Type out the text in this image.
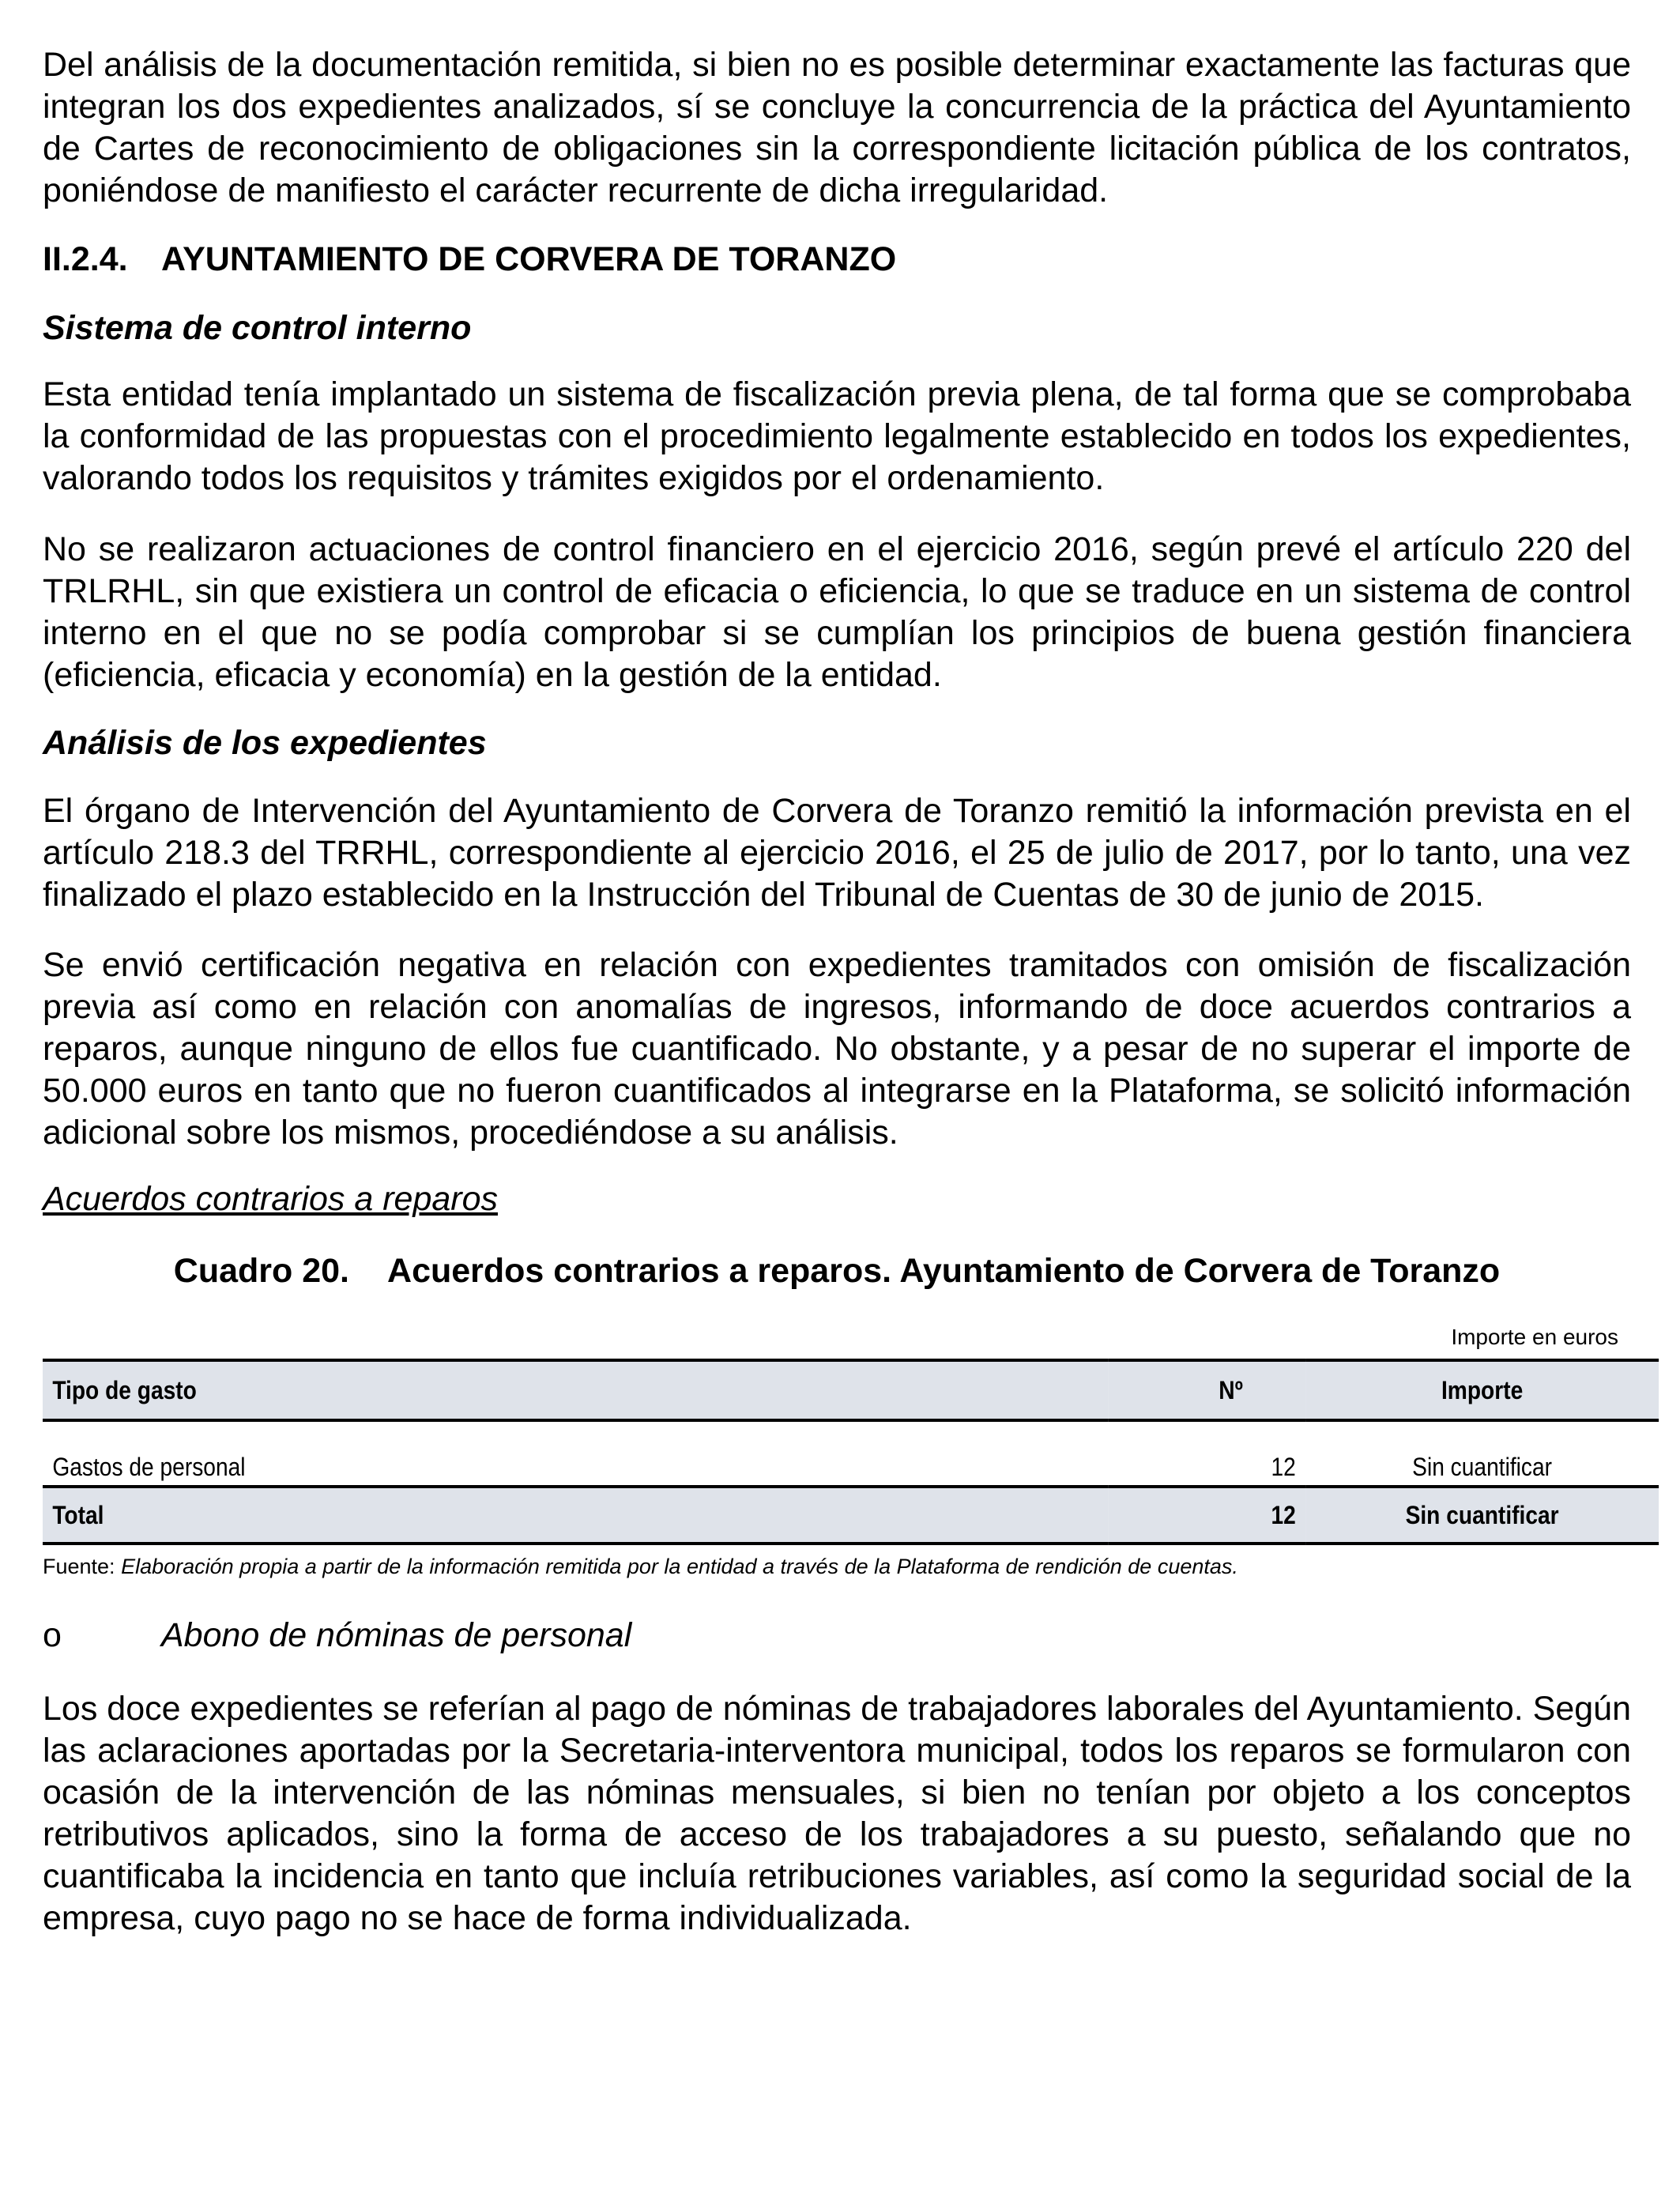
Del análisis de la documentación remitida, si bien no es posible determinar exactamente las facturas que integran los dos expedientes analizados, sí se concluye la concurrencia de la práctica del Ayuntamiento de Cartes de reconocimiento de obligaciones sin la correspondiente licitación pública de los contratos, poniéndose de manifiesto el carácter recurrente de dicha irregularidad.

II.2.4. AYUNTAMIENTO DE CORVERA DE TORANZO

Sistema de control interno

Esta entidad tenía implantado un sistema de fiscalización previa plena, de tal forma que se comprobaba la conformidad de las propuestas con el procedimiento legalmente establecido en todos los expedientes, valorando todos los requisitos y trámites exigidos por el ordenamiento.

No se realizaron actuaciones de control financiero en el ejercicio 2016, según prevé el artículo 220 del TRLRHL, sin que existiera un control de eficacia o eficiencia, lo que se traduce en un sistema de control interno en el que no se podía comprobar si se cumplían los principios de buena gestión financiera (eficiencia, eficacia y economía) en la gestión de la entidad.

Análisis de los expedientes

El órgano de Intervención del Ayuntamiento de Corvera de Toranzo remitió la información prevista en el artículo 218.3 del TRRHL, correspondiente al ejercicio 2016, el 25 de julio de 2017, por lo tanto, una vez finalizado el plazo establecido en la Instrucción del Tribunal de Cuentas de 30 de junio de 2015.

Se envió certificación negativa en relación con expedientes tramitados con omisión de fiscalización previa así como en relación con anomalías de ingresos, informando de doce acuerdos contrarios a reparos, aunque ninguno de ellos fue cuantificado. No obstante, y a pesar de no superar el importe de 50.000 euros en tanto que no fueron cuantificados al integrarse en la Plataforma, se solicitó información adicional sobre los mismos, procediéndose a su análisis.

Acuerdos contrarios a reparos

Cuadro 20. Acuerdos contrarios a reparos. Ayuntamiento de Corvera de Toranzo

Importe en euros

Tipo de gasto	Nº	Importe
Gastos de personal	12	Sin cuantificar
Total	12	Sin cuantificar

Fuente: Elaboración propia a partir de la información remitida por la entidad a través de la Plataforma de rendición de cuentas.

o	Abono de nóminas de personal

Los doce expedientes se referían al pago de nóminas de trabajadores laborales del Ayuntamiento. Según las aclaraciones aportadas por la Secretaria-interventora municipal, todos los reparos se formularon con ocasión de la intervención de las nóminas mensuales, si bien no tenían por objeto a los conceptos retributivos aplicados, sino la forma de acceso de los trabajadores a su puesto, señalando que no cuantificaba la incidencia en tanto que incluía retribuciones variables, así como la seguridad social de la empresa, cuyo pago no se hace de forma individualizada.
